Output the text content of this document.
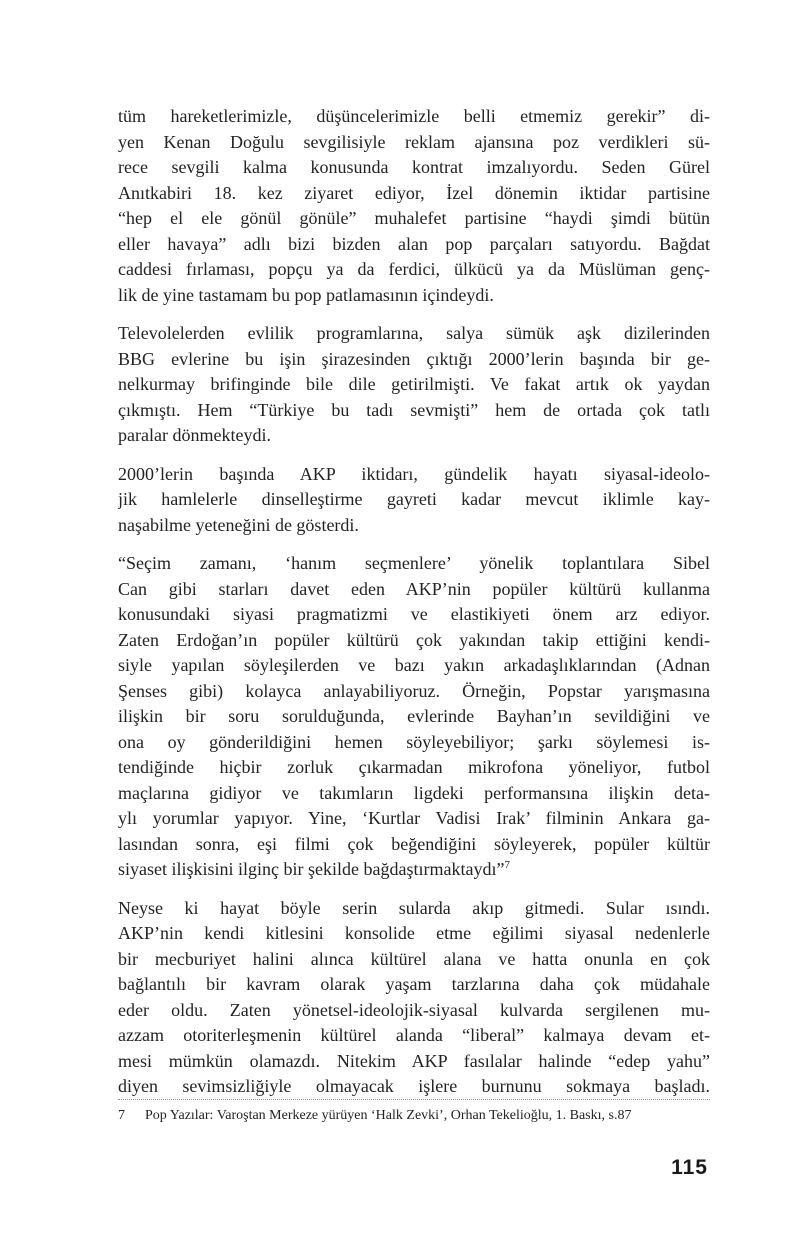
tüm hareketlerimizle, düşüncelerimizle belli etmemiz gerekir” di-
yen Kenan Doğulu sevgilisiyle reklam ajansına poz verdikleri sü-
rece sevgili kalma konusunda kontrat imzalıyordu. Seden Gürel
Anıtkabiri 18. kez ziyaret ediyor, İzel dönemin iktidar partisine
“hep el ele gönül gönüle” muhalefet partisine “haydi şimdi bütün
eller havaya” adlı bizi bizden alan pop parçaları satıyordu. Bağdat
caddesi fırlaması, popçu ya da ferdici, ülkücü ya da Müslüman genç-
lik de yine tastamam bu pop patlamasının içindeydi.

Televolelerden evlilik programlarına, salya sümük aşk dizilerinden
BBG evlerine bu işin şirazesinden çıktığı 2000’lerin başında bir ge-
nelkurmay brifinginde bile dile getirilmişti. Ve fakat artık ok yaydan
çıkmıştı. Hem “Türkiye bu tadı sevmişti” hem de ortada çok tatlı
paralar dönmekteydi.

2000’lerin başında AKP iktidarı, gündelik hayatı siyasal-ideolo-
jik hamlelerle dinselleştirme gayreti kadar mevcut iklimle kay-
naşabilme yeteneğini de gösterdi.

“Seçim zamanı, ‘hanım seçmenlere’ yönelik toplantılara Sibel
Can gibi starları davet eden AKP’nin popüler kültürü kullanma
konusundaki siyasi pragmatizmi ve elastikiyeti önem arz ediyor.
Zaten Erdoğan’ın popüler kültürü çok yakından takip ettiğini kendi-
siyle yapılan söyleşilerden ve bazı yakın arkadaşlıklarından (Adnan
Şenses gibi) kolayca anlayabiliyoruz. Örneğin, Popstar yarışmasına
ilişkin bir soru sorulduğunda, evlerinde Bayhan’ın sevildiğini ve
ona oy gönderildiğini hemen söyleyebiliyor; şarkı söylemesi is-
tendiğinde hiçbir zorluk çıkarmadan mikrofona yöneliyor, futbol
maçlarına gidiyor ve takımların ligdeki performansına ilişkin deta-
ylı yorumlar yapıyor. Yine, ‘Kurtlar Vadisi Irak’ filminin Ankara ga-
lasından sonra, eşi filmi çok beğendiğini söyleyerek, popüler kültür
siyaset ilişkisini ilginç bir şekilde bağdaştırmaktaydı”$^7$

Neyse ki hayat böyle serin sularda akıp gitmedi. Sular ısındı.
AKP’nin kendi kitlesini konsolide etme eğilimi siyasal nedenlerle
bir mecburiyet halini alınca kültürel alana ve hatta onunla en çok
bağlantılı bir kavram olarak yaşam tarzlarına daha çok müdahale
eder oldu. Zaten yönetsel-ideolojik-siyasal kulvarda sergilenen mu-
azzam otoriterleşmenin kültürel alanda “liberal” kalmaya devam et-
mesi mümkün olamazdı. Nitekim AKP fasılalar halinde “edep yahu”
diyen sevimsizliğiyle olmayacak işlere burnunu sokmaya başladı.

7 Pop Yazılar: Varoştan Merkeze yürüyen ‘Halk Zevki’, Orhan Tekelioğlu, 1. Baskı, s.87
115
